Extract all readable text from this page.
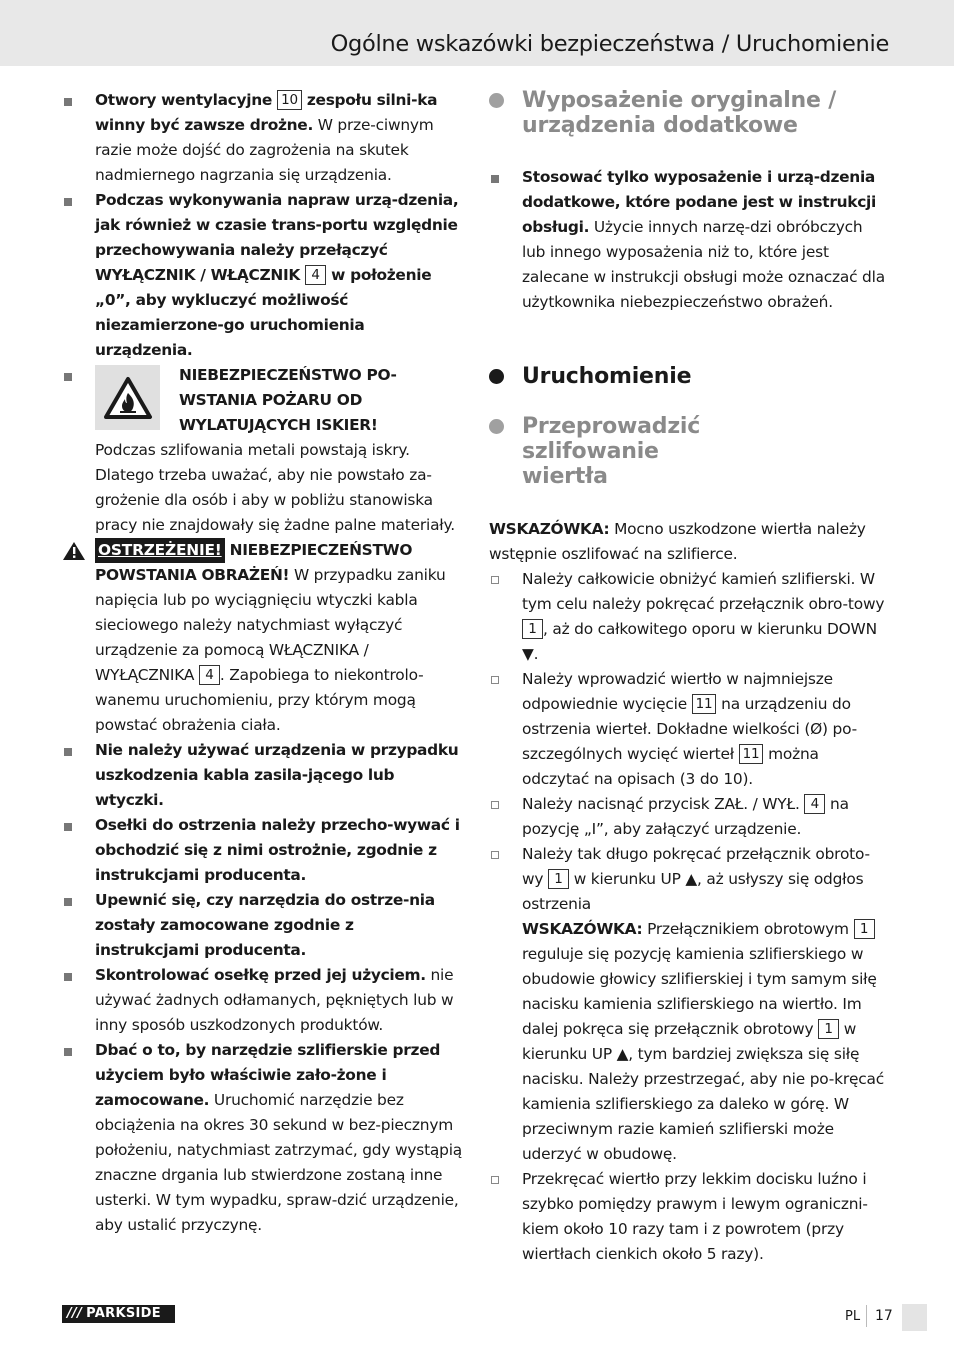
Ogólne wskazówki bezpieczeństwa / Uruchomienie
Otwory wentylacyjne 10 zespołu silni-ka winny być zawsze drożne. W prze-ciwnym razie może dojść do zagrożenia na skutek nadmiernego nagrzania się urządzenia.
Podczas wykonywania napraw urzą-dzenia, jak również w czasie trans-portu względnie przechowywania należy przełączyć WYŁĄCZNIK / WŁĄCZNIK 4 w położenie „0”, aby wykluczyć możliwość niezamierzone-go uruchomienia urządzenia.
NIEBEZPIECZEŃSTWO PO-WSTANIA POŻARU OD WYLATUJĄCYCH ISKIER!
Podczas szlifowania metali powstają iskry. Dlatego trzeba uważać, aby nie powstało za-grożenie dla osób i aby w pobliżu stanowiska pracy nie znajdowały się żadne palne materiały.
OSTRZEŻENIE! NIEBEZPIECZEŃSTWO POWSTANIA OBRAŻEŃ! W przypadku zaniku napięcia lub po wyciągnięciu wtyczki kabla sieciowego należy natychmiast wyłączyć urządzenie za pomocą WŁĄCZNIKA / WYŁĄCZNIKA 4 . Zapobiega to niekontrolo-wanemu uruchomieniu, przy którym mogą powstać obrażenia ciała.
Nie należy używać urządzenia w przypadku uszkodzenia kabla zasila-jącego lub wtyczki.
Osełki do ostrzenia należy przecho-wywać i obchodzić się z nimi ostrożnie, zgodnie z instrukcjami producenta.
Upewnić się, czy narzędzia do ostrze-nia zostały zamocowane zgodnie z instrukcjami producenta.
Skontrolować osełkę przed jej użyciem. nie używać żadnych odłamanych, pękniętych lub w inny sposób uszkodzonych produktów.
Dbać o to, by narzędzie szlifierskie przed użyciem było właściwie zało-żone i zamocowane. Uruchomić narzędzie bez obciążenia na okres 30 sekund w bez-piecznym położeniu, natychmiast zatrzymać, gdy wystąpią znaczne drgania lub stwierdzone zostaną inne usterki. W tym wypadku, spraw-dzić urządzenie, aby ustalić przyczynę.
Wyposażenie oryginalne / urządzenia dodatkowe
Stosować tylko wyposażenie i urzą-dzenia dodatkowe, które podane jest w instrukcji obsługi. Użycie innych narzę-dzi obróbczych lub innego wyposażenia niż to, które jest zalecane w instrukcji obsługi może oznaczać dla użytkownika niebezpieczeństwo obrażeń.
Uruchomienie
Przeprowadzić szlifowanie wiertła
WSKAZÓWKA: Mocno uszkodzone wiertła należy wstępnie oszlifować na szlifierce.
Należy całkowicie obniżyć kamień szlifierski. W tym celu należy pokręcać przełącznik obro-towy 1 , aż do całkowitego oporu w kierunku DOWN ▼.
Należy wprowadzić wiertło w najmniejsze odpowiednie wycięcie 11 na urządzeniu do ostrzenia wierteł. Dokładne wielkości (Ø) po-szczególnych wycięć wierteł 11 można odczytać na opisach (3 do 10).
Należy nacisnąć przycisk ZAŁ. / WYŁ. 4 na pozycję „I”, aby załączyć urządzenie.
Należy tak długo pokręcać przełącznik obroto-wy 1 w kierunku UP ▲, aż usłyszy się odgłos ostrzenia
WSKAZÓWKA: Przełącznikiem obrotowym 1 reguluje się pozycję kamienia szlifierskiego w obudowie głowicy szlifierskiej i tym samym siłę nacisku kamienia szlifierskiego na wiertło. Im dalej pokręca się przełącznik obrotowy 1 w kierunku UP ▲, tym bardziej zwiększa się siłę nacisku. Należy przestrzegać, aby nie po-kręcać kamienia szlifierskiego za daleko w górę. W przeciwnym razie kamień szlifierski może uderzyć w obudowę.
Przekręcać wiertło przy lekkim docisku luźno i szybko pomiędzy prawym i lewym ograniczni-kiem około 10 razy tam i z powrotem (przy wiertłach cienkich około 5 razy).
/// PARKSIDE	PL 17
